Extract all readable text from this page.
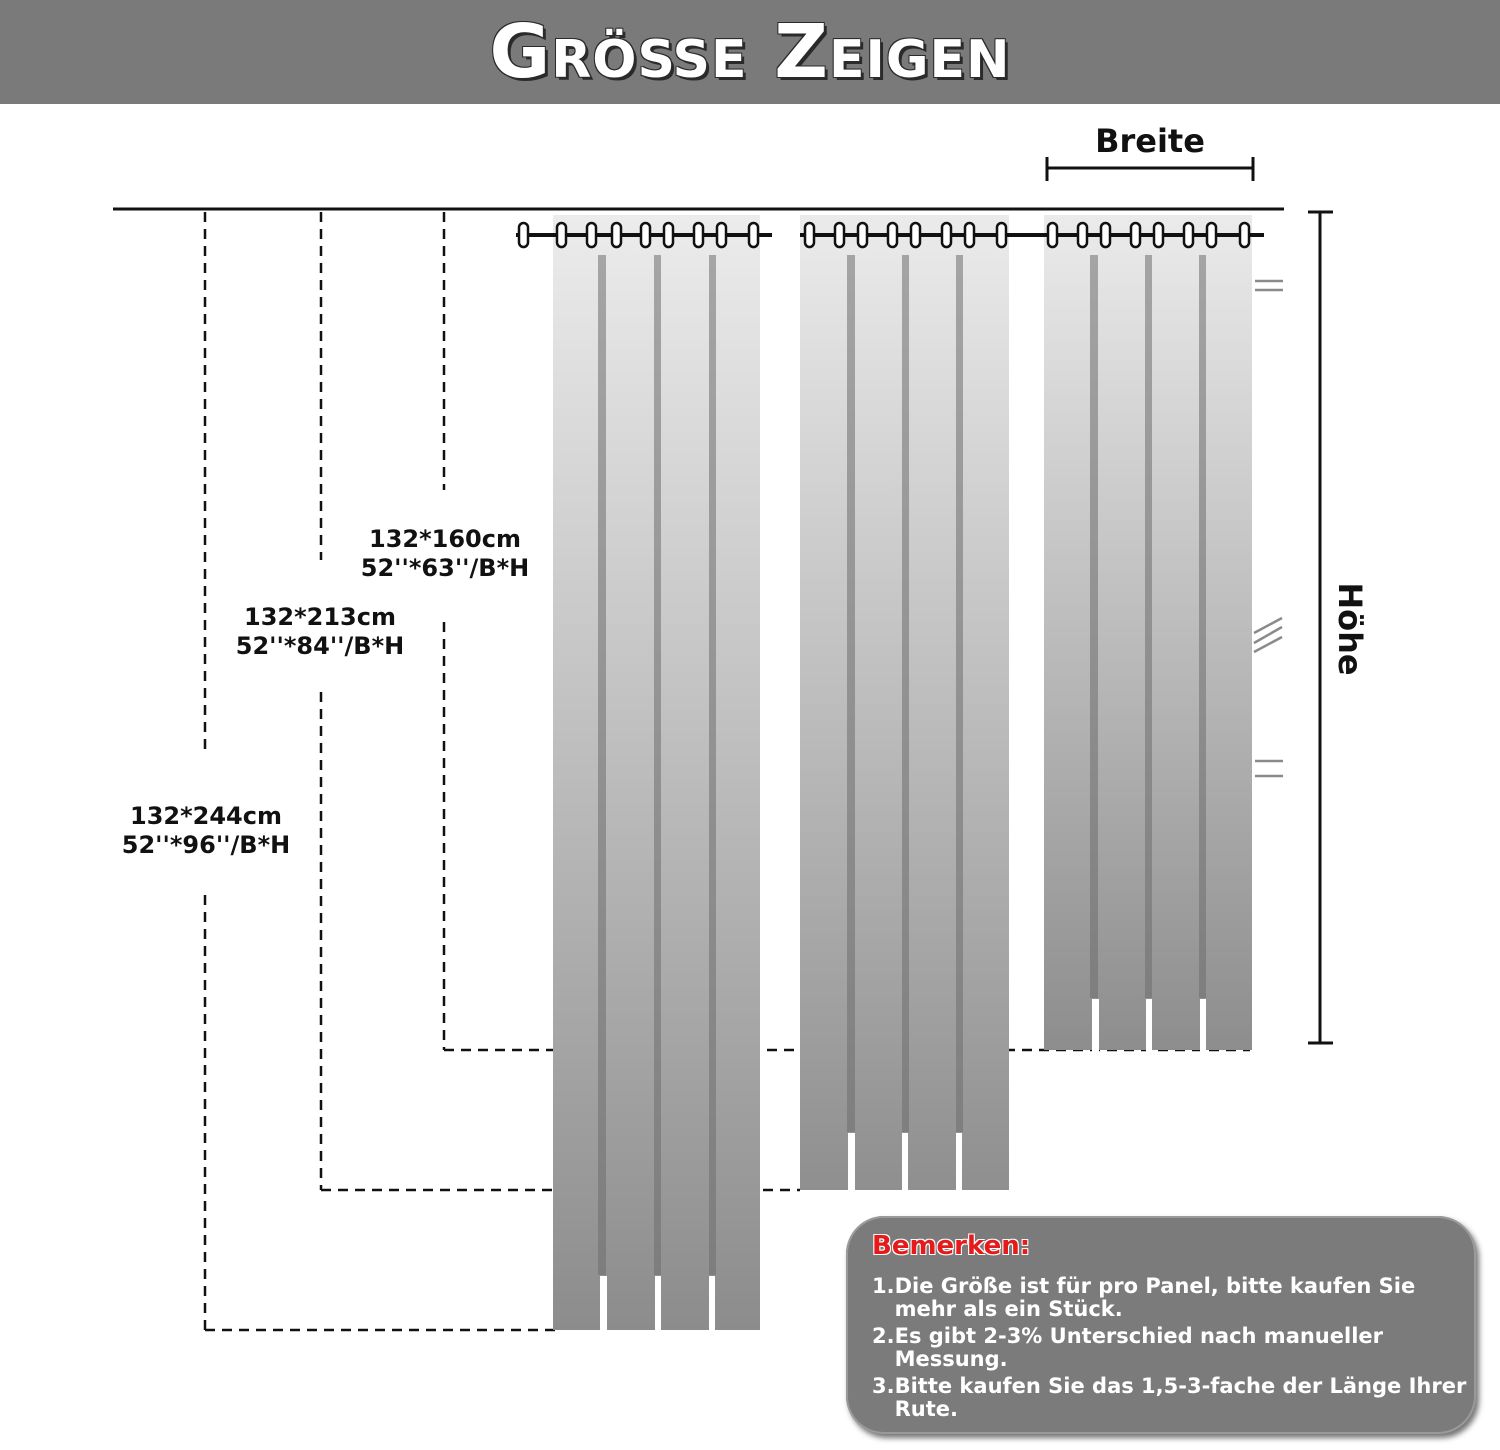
Größe Zeigen
132*160cm
52''*63''/B*H
132*213cm
52''*84''/B*H
132*244cm
52''*96''/B*H
Breite
Höhe
Bemerken:
1. Die Größe ist für pro Panel, bitte kaufen Sie mehr als ein Stück.
2. Es gibt 2-3% Unterschied nach manueller Messung.
3. Bitte kaufen Sie das 1,5-3-fache der Länge Ihrer Rute.
